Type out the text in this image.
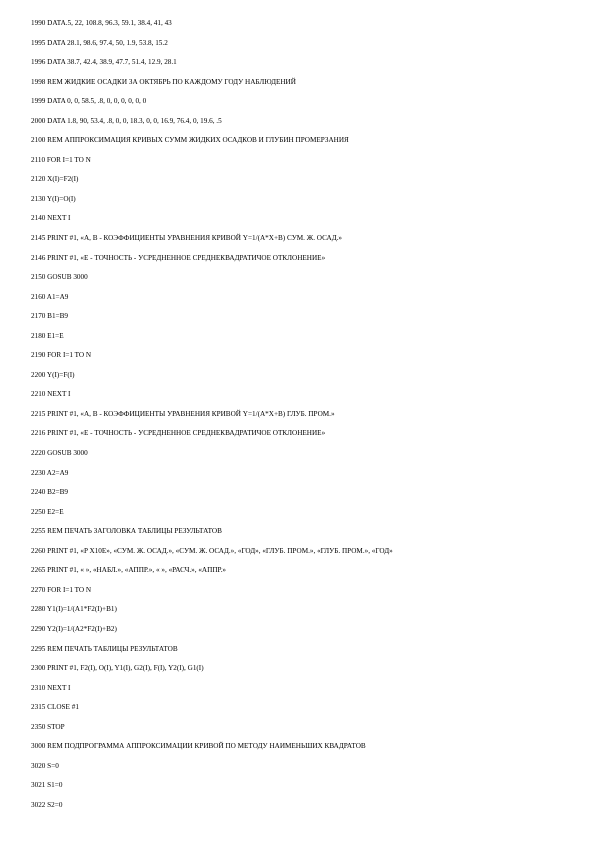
1990 DATA.5, 22, 108.8, 96.3, 59.1, 38.4, 41, 43
1995 DATA 28.1, 98.6, 97.4, 50, 1.9, 53.8, 15.2
1996 DATA 38.7, 42.4, 38.9, 47.7, 51.4, 12.9, 28.1
1998 REM ЖИДКИЕ ОСАДКИ ЗА ОКТЯБРЬ ПО КАЖДОМУ ГОДУ НАБЛЮДЕНИЙ
1999 DATA 0, 0, 58.5, .8, 0, 0, 0, 0, 0, 0
2000 DATA 1.8, 90, 53.4, .8, 0, 0, 18.3, 0, 0, 16.9, 76.4, 0, 19.6, .5
2100 REM АППРОКСИМАЦИЯ КРИВЫХ СУММ ЖИДКИХ ОСАДКОВ И ГЛУБИН ПРОМЕРЗАНИЯ
2110 FOR I=1 TO N
2120 X(I)=F2(I)
2130 Y(I)=O(I)
2140 NEXT I
2145 PRINT #1, «A, B - КОЭФФИЦИЕНТЫ УРАВНЕНИЯ КРИВОЙ Y=1/(A*X+B) СУМ. Ж. ОСАД.»
2146 PRINT #1, «E - ТОЧНОСТЬ - УСРЕДНЕННОЕ СРЕДНЕКВАДРАТИЧОЕ ОТКЛОНЕНИЕ»
2150 GOSUB 3000
2160 A1=A9
2170 B1=B9
2180 E1=E
2190 FOR I=1 TO N
2200 Y(I)=F(I)
2210 NEXT I
2215 PRINT #1, «A, B - КОЭФФИЦИЕНТЫ УРАВНЕНИЯ КРИВОЙ Y=1/(A*X+B) ГЛУБ. ПРОМ.»
2216 PRINT #1, «E - ТОЧНОСТЬ - УСРЕДНЕННОЕ СРЕДНЕКВАДРАТИЧОЕ ОТКЛОНЕНИЕ»
2220 GOSUB 3000
2230 A2=A9
2240 B2=B9
2250 E2=E
2255 REM ПЕЧАТЬ ЗАГОЛОВКА ТАБЛИЦЫ РЕЗУЛЬТАТОВ
2260 PRINT #1, «P X10E», «СУМ. Ж. ОСАД.», «СУМ. Ж. ОСАД.», «ГОД», «ГЛУБ. ПРОМ.», «ГЛУБ. ПРОМ.», «ГОД»
2265 PRINT #1, « », «НАБЛ.», «АППР.», « », «РАСЧ.», «АППР.»
2270 FOR I=1 TO N
2280 Y1(I)=1/(A1*F2(I)+B1)
2290 Y2(I)=1/(A2*F2(I)+B2)
2295 REM ПЕЧАТЬ ТАБЛИЦЫ РЕЗУЛЬТАТОВ
2300 PRINT #1, F2(I), O(I), Y1(I), G2(I), F(I), Y2(I), G1(I)
2310 NEXT I
2315 CLOSE #1
2350 STOP
3000 REM ПОДПРОГРАММА АППРОКСИМАЦИИ КРИВОЙ ПО МЕТОДУ НАИМЕНЬШИХ КВАДРАТОВ
3020 S=0
3021 S1=0
3022 S2=0
